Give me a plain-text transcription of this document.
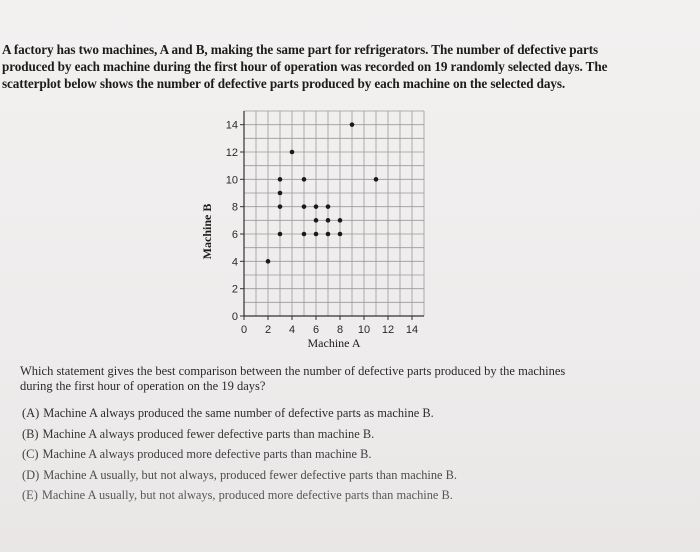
A factory has two machines, A and B, making the same part for refrigerators. The number of defective parts
produced by each machine during the first hour of operation was recorded on 19 randomly selected days. The
scatterplot below shows the number of defective parts produced by each machine on the selected days.
0 2 4 6 8 10 12 14
0
2
4
6
8
10
12
14
Machine A
Machine B
Which statement gives the best comparison between the number of defective parts produced by the machines
during the first hour of operation on the 19 days?
(A) Machine A always produced the same number of defective parts as machine B.
(B) Machine A always produced fewer defective parts than machine B.
(C) Machine A always produced more defective parts than machine B.
(D) Machine A usually, but not always, produced fewer defective parts than machine B.
(E) Machine A usually, but not always, produced more defective parts than machine B.
